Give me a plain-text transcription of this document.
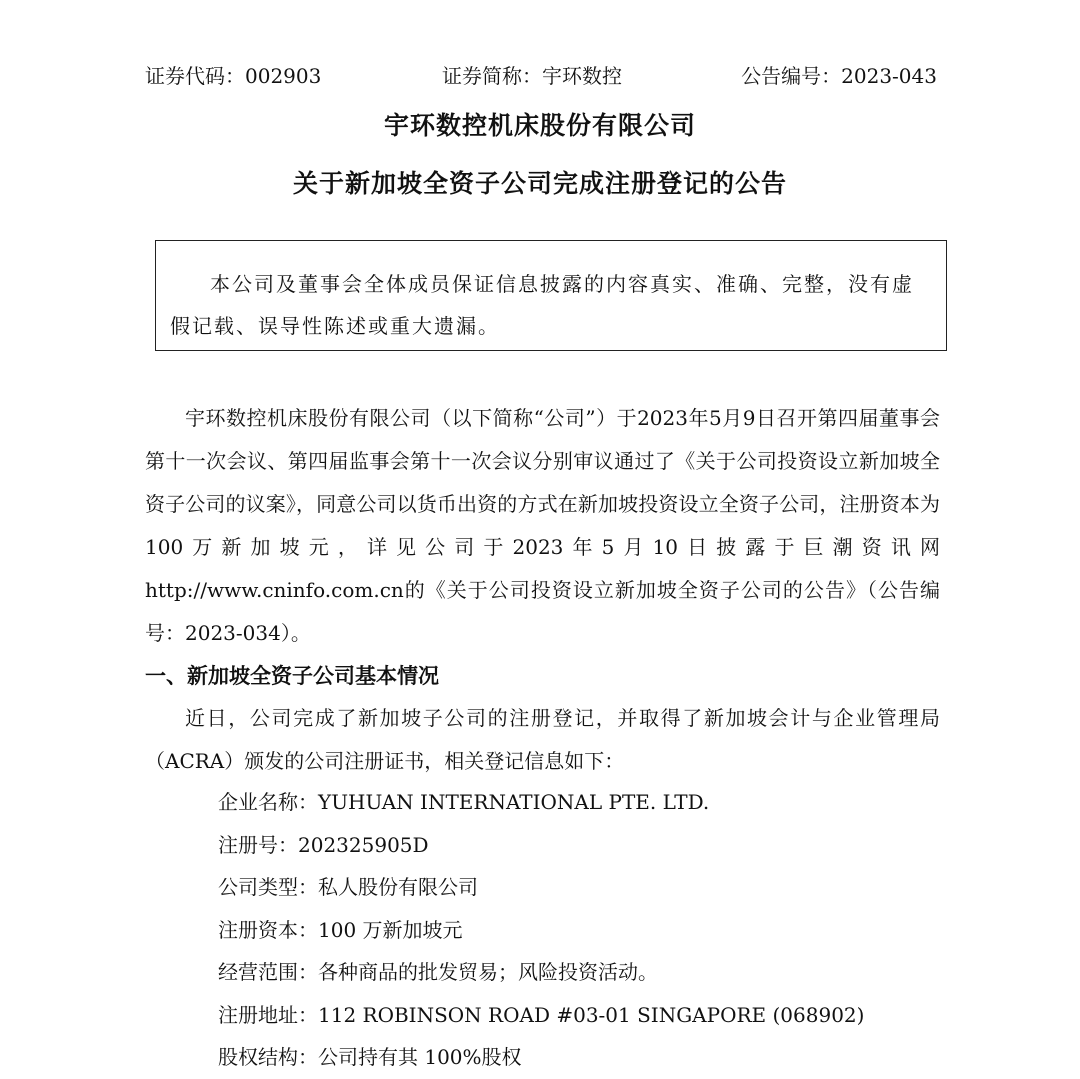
证券代码：002903	证券简称：宇环数控	公告编号：2023-043
宇环数控机床股份有限公司
关于新加坡全资子公司完成注册登记的公告

本公司及董事会全体成员保证信息披露的内容真实、准确、完整，没有虚假记载、误导性陈述或重大遗漏。

宇环数控机床股份有限公司（以下简称“公司”）于2023年5月9日召开第四届董事会第十一次会议、第四届监事会第十一次会议分别审议通过了《关于公司投资设立新加坡全资子公司的议案》，同意公司以货币出资的方式在新加坡投资设立全资子公司，注册资本为100万新加坡元，详见公司于2023年5月10日披露于巨潮资讯网http://www.cninfo.com.cn的《关于公司投资设立新加坡全资子公司的公告》（公告编号：2023-034）。

一、新加坡全资子公司基本情况

近日，公司完成了新加坡子公司的注册登记，并取得了新加坡会计与企业管理局（ACRA）颁发的公司注册证书，相关登记信息如下：

企业名称：YUHUAN INTERNATIONAL PTE. LTD.
注册号：202325905D
公司类型：私人股份有限公司
注册资本：100 万新加坡元
经营范围：各种商品的批发贸易；风险投资活动。
注册地址：112 ROBINSON ROAD #03-01 SINGAPORE (068902)
股权结构：公司持有其 100%股权
